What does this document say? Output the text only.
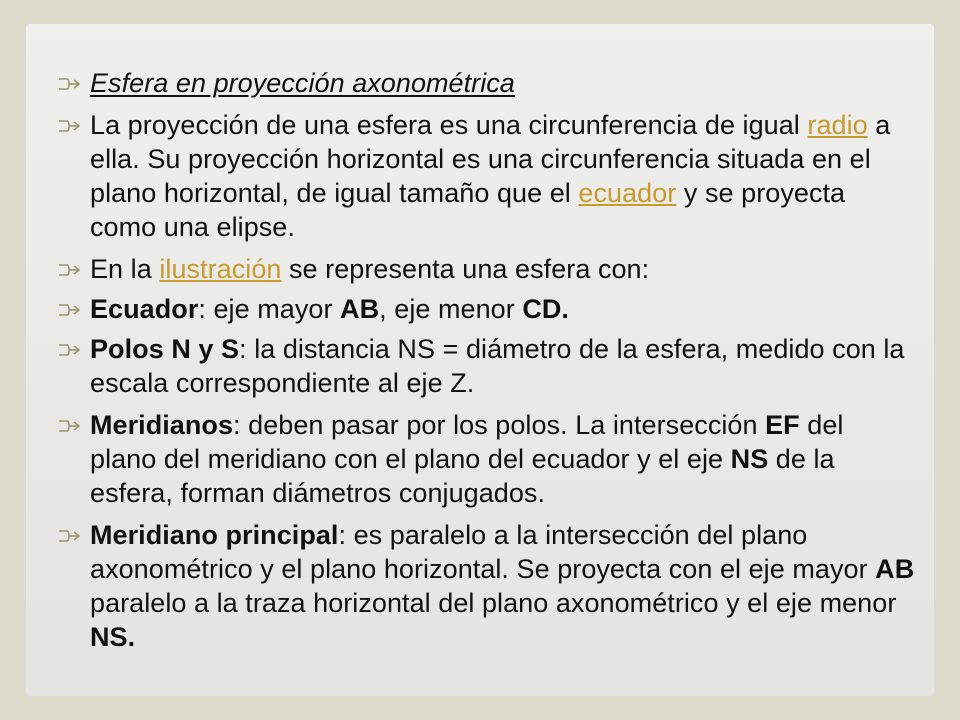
Esfera en proyección axonométrica

La proyección de una esfera es una circunferencia de igual radio a ella. Su proyección horizontal es una circunferencia situada en el plano horizontal, de igual tamaño que el ecuador y se proyecta como una elipse.

En la ilustración se representa una esfera con:

Ecuador: eje mayor AB, eje menor CD.

Polos N y S: la distancia NS = diámetro de la esfera, medido con la escala correspondiente al eje Z.

Meridianos: deben pasar por los polos. La intersección EF del plano del meridiano con el plano del ecuador y el eje NS de la esfera, forman diámetros conjugados.

Meridiano principal: es paralelo a la intersección del plano axonométrico y el plano horizontal. Se proyecta con el eje mayor AB paralelo a la traza horizontal del plano axonométrico y el eje menor NS.
